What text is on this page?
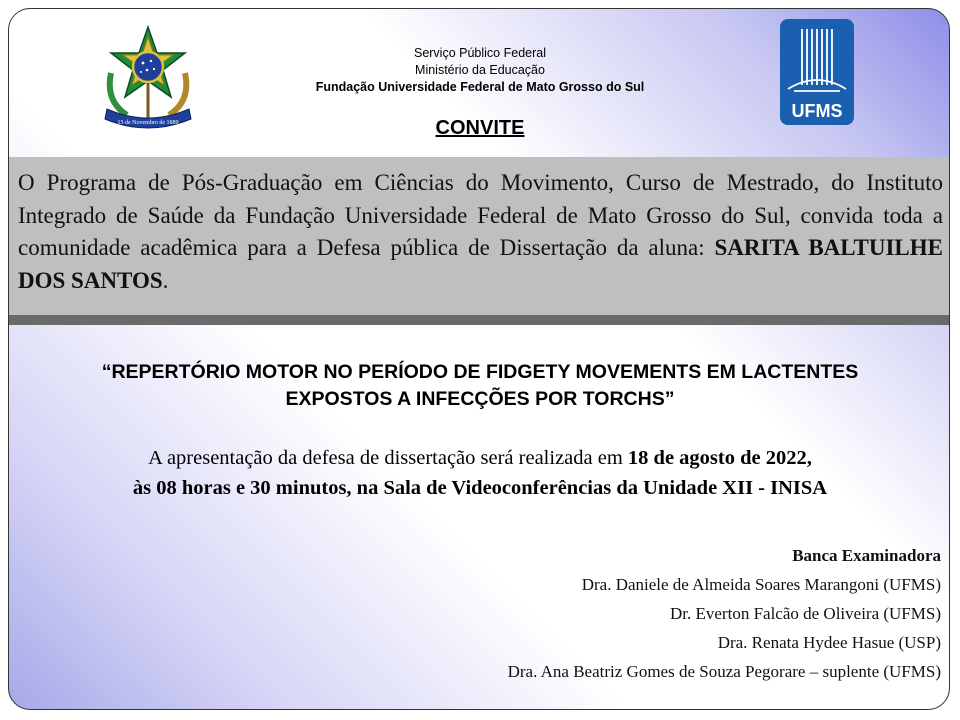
15 de Novembro de 1889
Serviço Público Federal
Ministério da Educação
Fundação Universidade Federal de Mato Grosso do Sul
UFMS
CONVITE

O Programa de Pós-Graduação em Ciências do Movimento, Curso de Mestrado, do Instituto Integrado de Saúde da Fundação Universidade Federal de Mato Grosso do Sul, convida toda a comunidade acadêmica para a Defesa pública de Dissertação da aluna: SARITA BALTUILHE DOS SANTOS.

“REPERTÓRIO MOTOR NO PERÍODO DE FIDGETY MOVEMENTS EM LACTENTES
EXPOSTOS A INFECÇÕES POR TORCHS”
A apresentação da defesa de dissertação será realizada em 18 de agosto de 2022,
às 08 horas e 30 minutos, na Sala de Videoconferências da Unidade XII - INISA
Banca Examinadora
Dra. Daniele de Almeida Soares Marangoni (UFMS)
Dr. Everton Falcão de Oliveira (UFMS)
Dra. Renata Hydee Hasue (USP)
Dra. Ana Beatriz Gomes de Souza Pegorare – suplente (UFMS)
